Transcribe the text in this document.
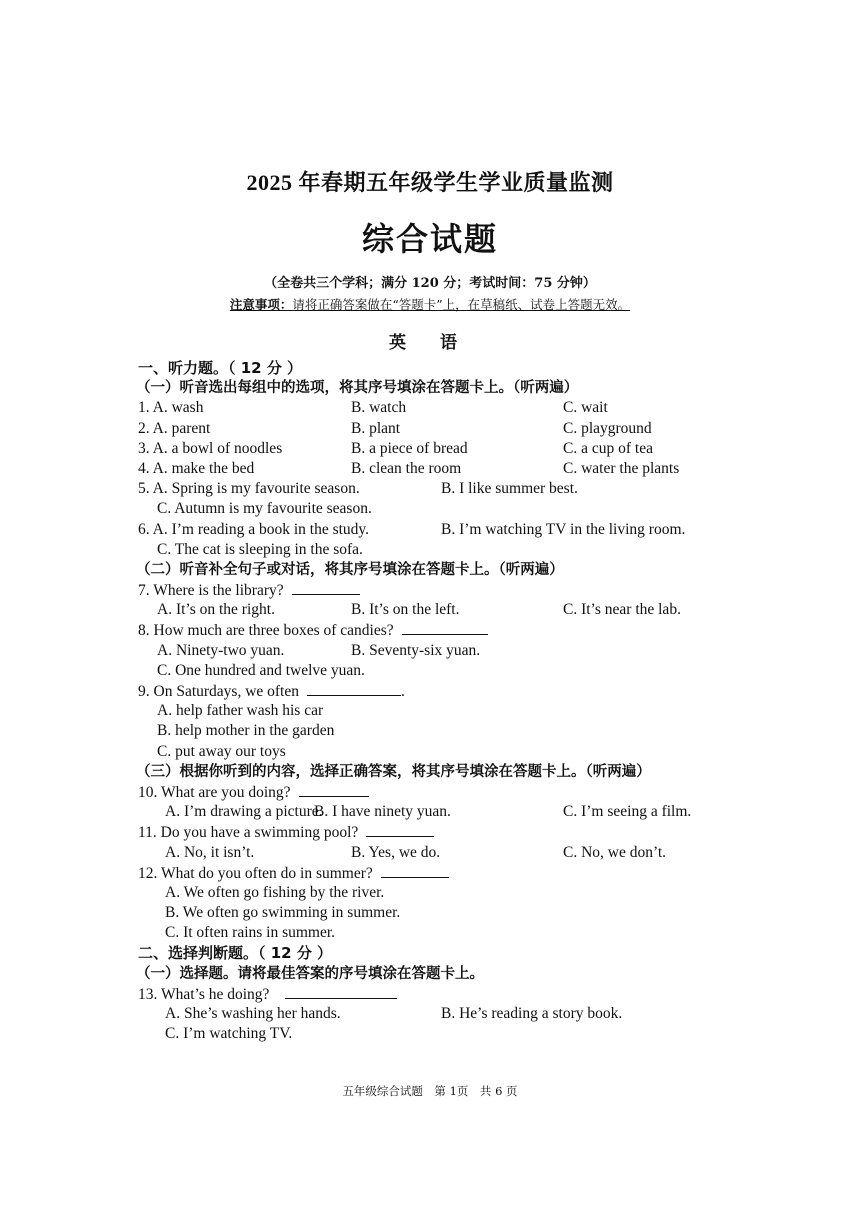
2025 年春期五年级学生学业质量监测
综合试题
（全卷共三个学科；满分 120 分；考试时间：75 分钟）
注意事项：请将正确答案做在“答题卡”上，在草稿纸、试卷上答题无效。
英 语
一、听力题。（ 12 分 ）
（一）听音选出每组中的选项，将其序号填涂在答题卡上。（听两遍）
1. A. wash	B. watch	C. wait
2. A. parent	B. plant	C. playground
3. A. a bowl of noodles	B. a piece of bread	C. a cup of tea
4. A. make the bed	B. clean the room	C. water the plants
5. A. Spring is my favourite season.	B. I like summer best.
C. Autumn is my favourite season.
6. A. I’m reading a book in the study.	B. I’m watching TV in the living room.
C. The cat is sleeping in the sofa.
（二）听音补全句子或对话，将其序号填涂在答题卡上。（听两遍）
7. Where is the library?
A. It’s on the right.	B. It’s on the left.	C. It’s near the lab.
8. How much are three boxes of candies?
A. Ninety-two yuan.	B. Seventy-six yuan.
C. One hundred and twelve yuan.
9. On Saturdays, we often	.
A. help father wash his car
B. help mother in the garden
C. put away our toys
（三）根据你听到的内容，选择正确答案，将其序号填涂在答题卡上。（听两遍）
10. What are you doing?
A. I’m drawing a picture.
B. I have ninety yuan.	C. I’m seeing a film.
11. Do you have a swimming pool?
A. No, it isn’t.	B. Yes, we do.	C. No, we don’t.
12. What do you often do in summer?
A. We often go fishing by the river.
B. We often go swimming in summer.
C. It often rains in summer.
二、选择判断题。（ 12 分 ）
（一）选择题。请将最佳答案的序号填涂在答题卡上。
13. What’s he doing?
A. She’s washing her hands.	B. He’s reading a story book.
C. I’m watching TV.
五年级综合试题　第 1页　共 6 页
